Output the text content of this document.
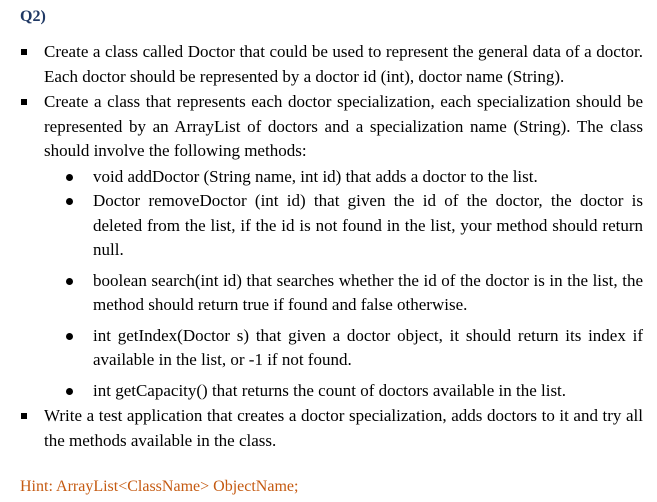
Q2)
Create a class called Doctor that could be used to represent the general data of a doctor. Each doctor should be represented by a doctor id (int), doctor name (String).
Create a class that represents each doctor specialization, each specialization should be represented by an ArrayList of doctors and a specialization name (String). The class should involve the following methods:
void addDoctor (String name, int id) that adds a doctor to the list.
Doctor removeDoctor (int id) that given the id of the doctor, the doctor is deleted from the list, if the id is not found in the list, your method should return null.
boolean search(int id) that searches whether the id of the doctor is in the list, the method should return true if found and false otherwise.
int getIndex(Doctor s) that given a doctor object, it should return its index if available in the list, or -1 if not found.
int getCapacity() that returns the count of doctors available in the list.
Write a test application that creates a doctor specialization, adds doctors to it and try all the methods available in the class.
Hint: ArrayList<ClassName> ObjectName;
